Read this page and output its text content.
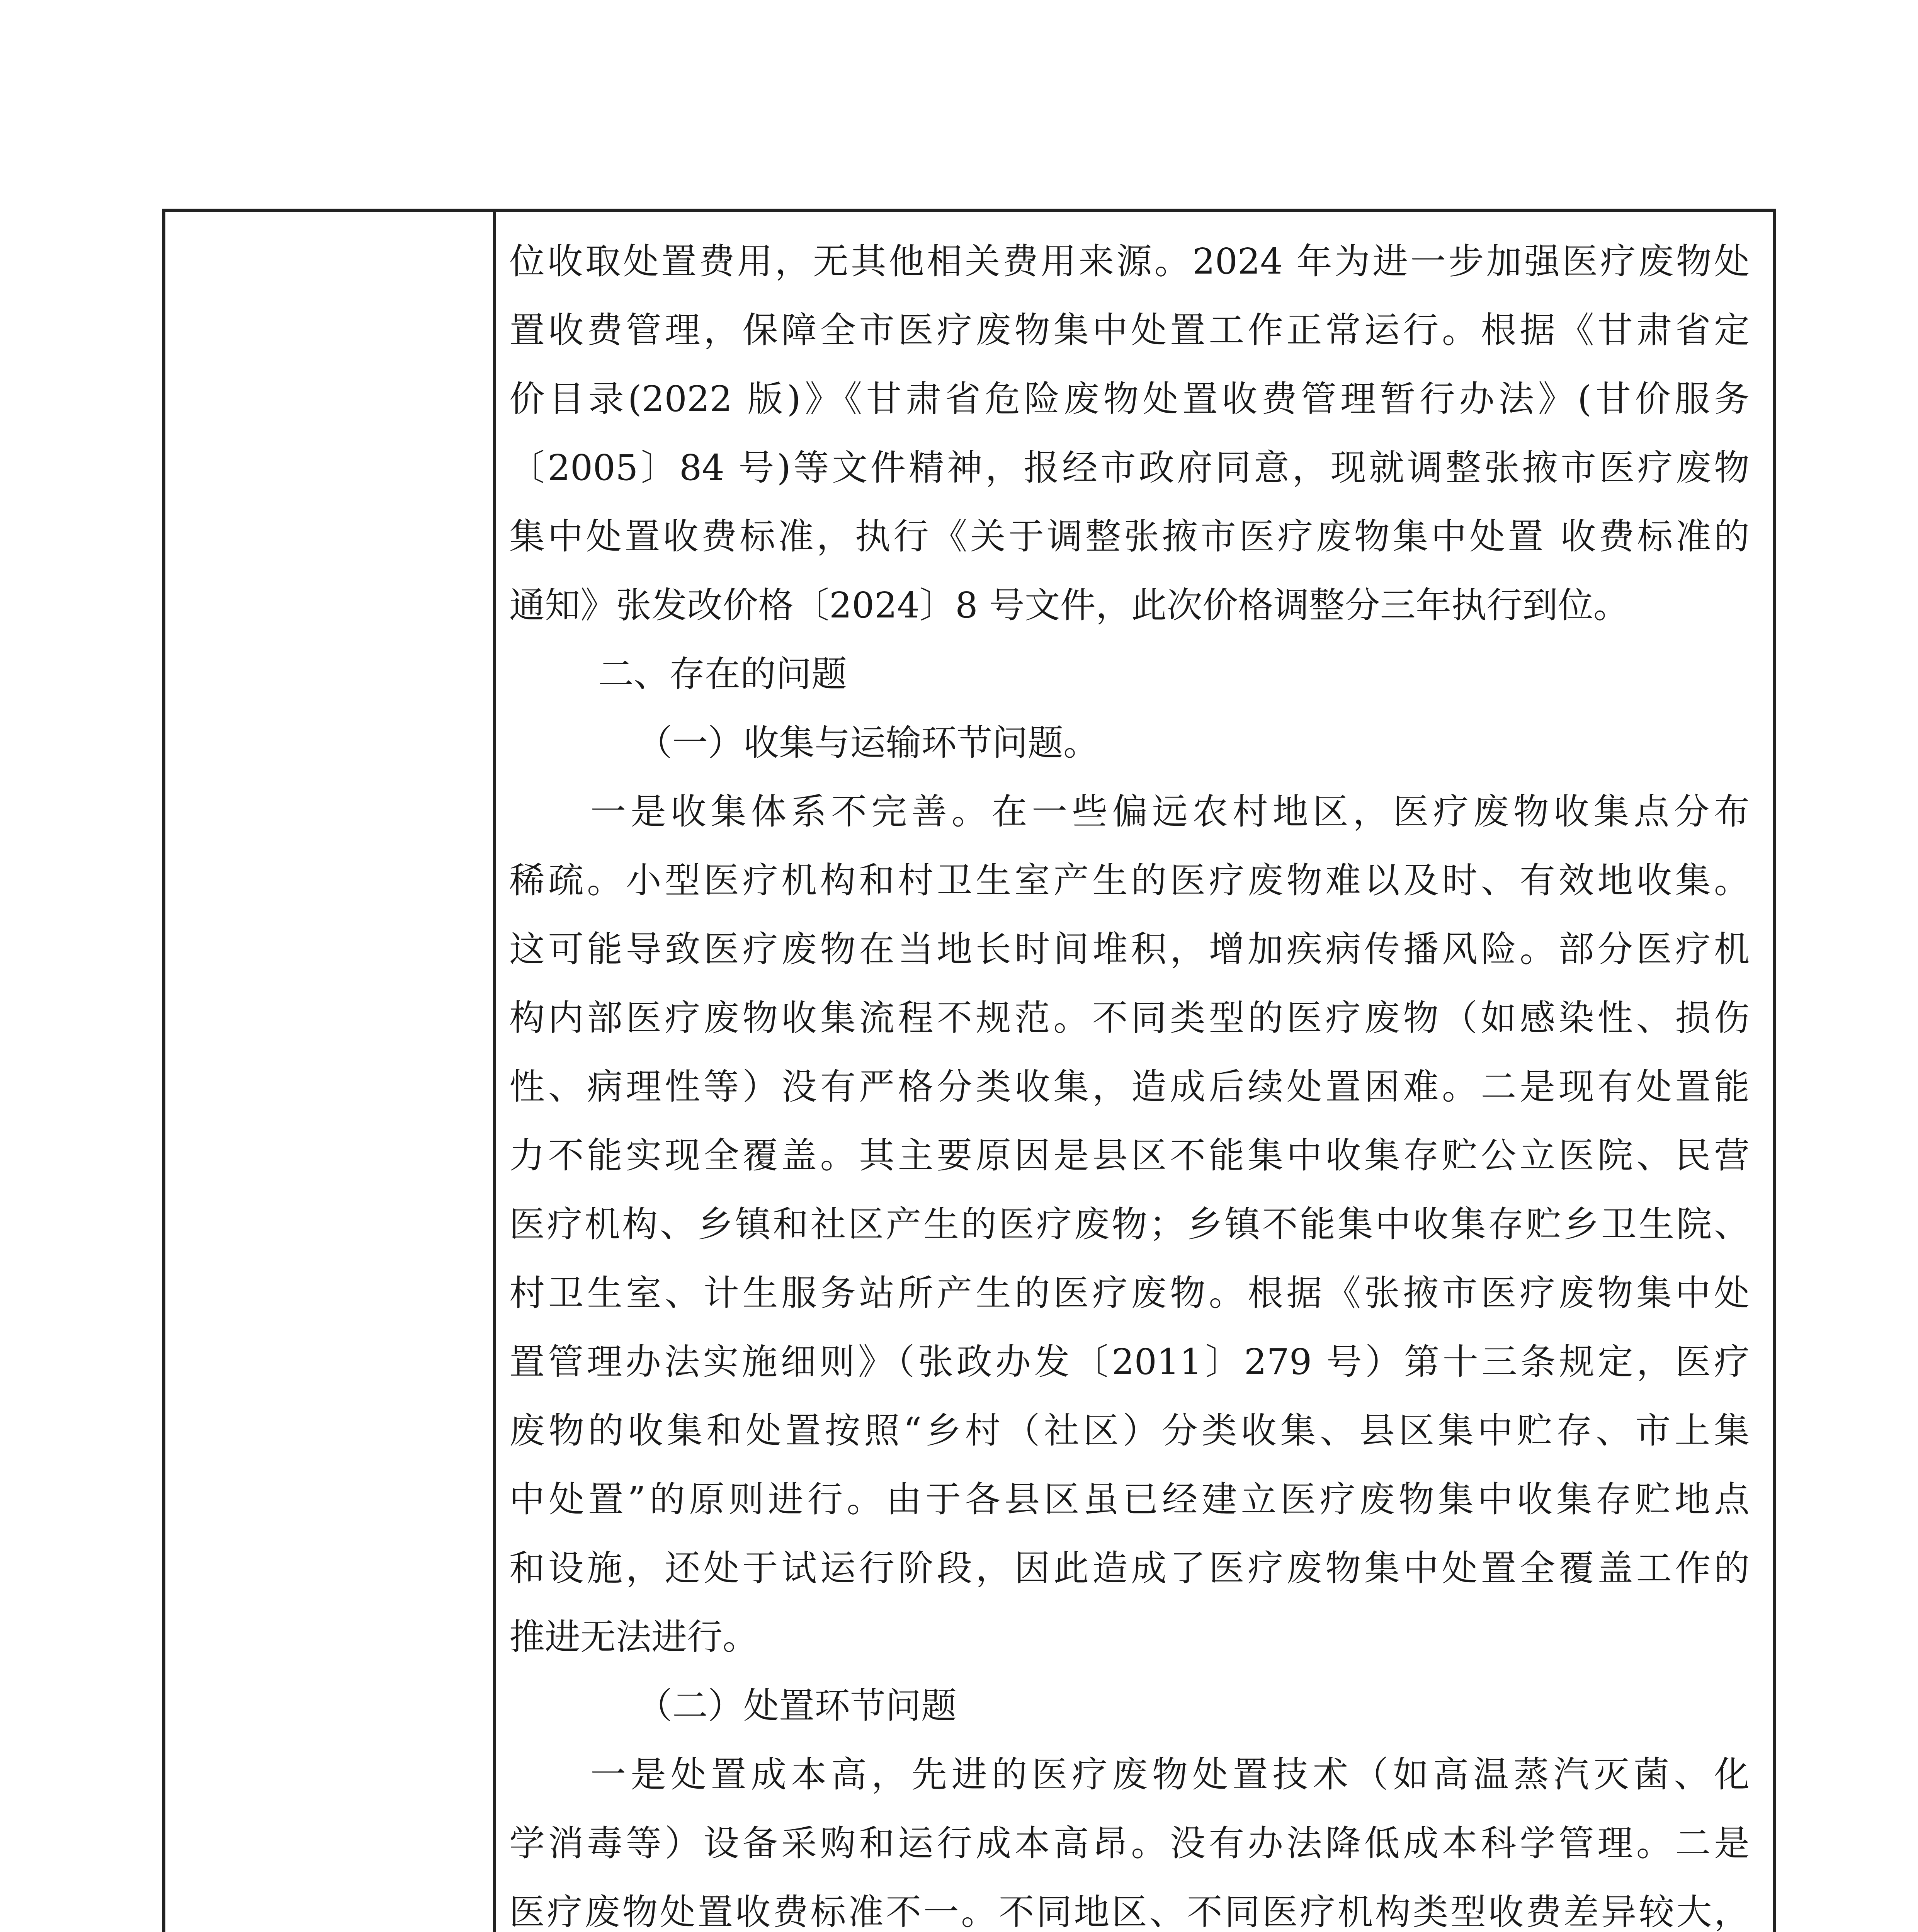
位收取处置费用，无其他相关费用来源。2024 年为进一步加强医疗废物处
置收费管理，保障全市医疗废物集中处置工作正常运行。根据《甘肃省定
价目录(2022 版)》《甘肃省危险废物处置收费管理暂行办法》(甘价服务
〔2005〕84 号)等文件精神，报经市政府同意，现就调整张掖市医疗废物
集中处置收费标准，执行《关于调整张掖市医疗废物集中处置 收费标准的
通知》张发改价格〔2024〕8 号文件，此次价格调整分三年执行到位。
二、存在的问题
（一）收集与运输环节问题。
一是收集体系不完善。在一些偏远农村地区，医疗废物收集点分布
稀疏。小型医疗机构和村卫生室产生的医疗废物难以及时、有效地收集。
这可能导致医疗废物在当地长时间堆积，增加疾病传播风险。部分医疗机
构内部医疗废物收集流程不规范。不同类型的医疗废物（如感染性、损伤
性、病理性等）没有严格分类收集，造成后续处置困难。二是现有处置能
力不能实现全覆盖。其主要原因是县区不能集中收集存贮公立医院、民营
医疗机构、乡镇和社区产生的医疗废物；乡镇不能集中收集存贮乡卫生院、
村卫生室、计生服务站所产生的医疗废物。根据《张掖市医疗废物集中处
置管理办法实施细则》（张政办发〔2011〕279 号）第十三条规定，医疗
废物的收集和处置按照“乡村（社区）分类收集、县区集中贮存、市上集
中处置”的原则进行。由于各县区虽已经建立医疗废物集中收集存贮地点
和设施，还处于试运行阶段，因此造成了医疗废物集中处置全覆盖工作的
推进无法进行。
（二）处置环节问题
一是处置成本高，先进的医疗废物处置技术（如高温蒸汽灭菌、化
学消毒等）设备采购和运行成本高昂。没有办法降低成本科学管理。二是
医疗废物处置收费标准不一。不同地区、不同医疗机构类型收费差异较大，
